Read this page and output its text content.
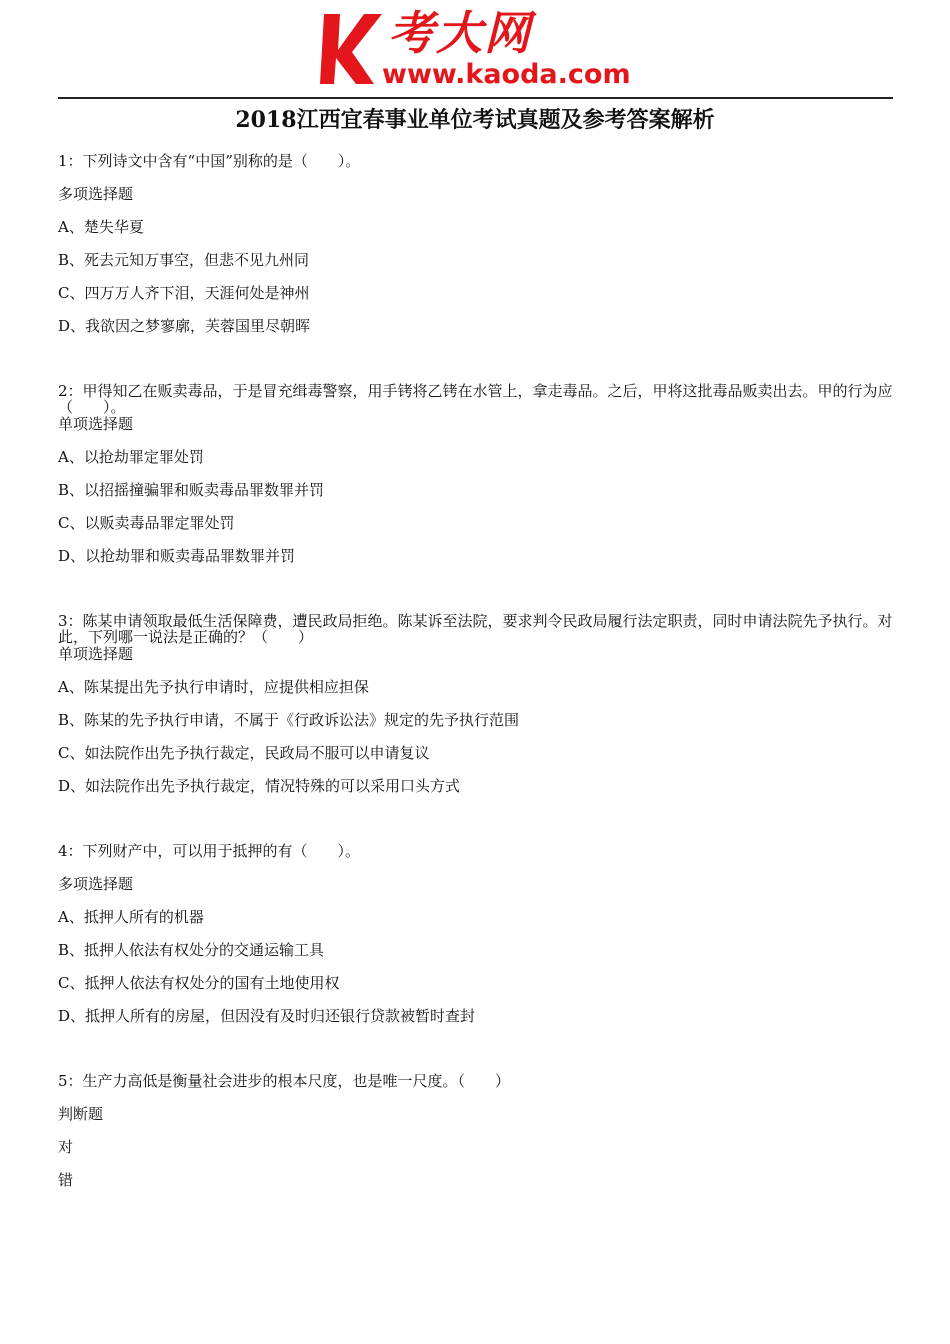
考大网
www.kaoda.com
2018江西宜春事业单位考试真题及参考答案解析
1：下列诗文中含有“中国”别称的是（　　）。
多项选择题
A、楚失华夏
B、死去元知万事空，但悲不见九州同
C、四万万人齐下泪，天涯何处是神州
D、我欲因之梦寥廓，芙蓉国里尽朝晖

2：甲得知乙在贩卖毒品，于是冒充缉毒警察，用手铐将乙铐在水管上，拿走毒品。之后，甲将这批毒品贩卖出去。甲的行为应（　　）。

单项选择题
A、以抢劫罪定罪处罚
B、以招摇撞骗罪和贩卖毒品罪数罪并罚
C、以贩卖毒品罪定罪处罚
D、以抢劫罪和贩卖毒品罪数罪并罚

3：陈某申请领取最低生活保障费，遭民政局拒绝。陈某诉至法院，要求判令民政局履行法定职责，同时申请法院先予执行。对此，下列哪一说法是正确的？（　　）

单项选择题
A、陈某提出先予执行申请时，应提供相应担保
B、陈某的先予执行申请，不属于《行政诉讼法》规定的先予执行范围
C、如法院作出先予执行裁定，民政局不服可以申请复议
D、如法院作出先予执行裁定，情况特殊的可以采用口头方式
4：下列财产中，可以用于抵押的有（　　）。
多项选择题
A、抵押人所有的机器
B、抵押人依法有权处分的交通运输工具
C、抵押人依法有权处分的国有土地使用权
D、抵押人所有的房屋，但因没有及时归还银行贷款被暂时查封
5：生产力高低是衡量社会进步的根本尺度，也是唯一尺度。（　　）
判断题
对
错
